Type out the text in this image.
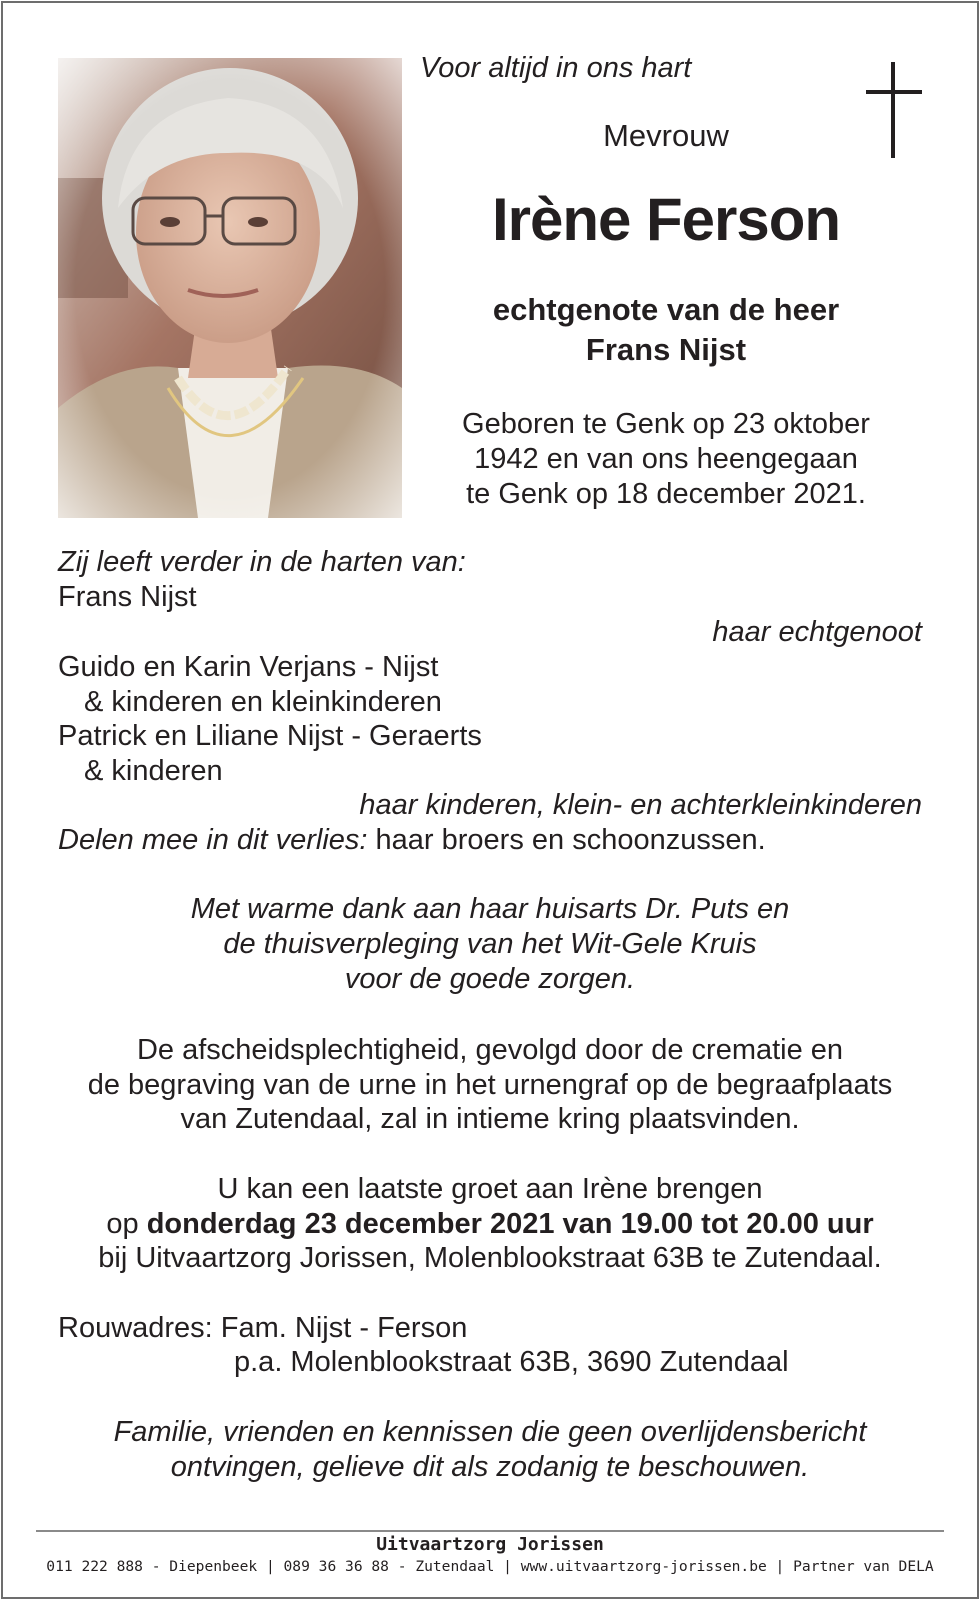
Voor altijd in ons hart
Mevrouw
Irène Ferson
echtgenote van de heer
Frans Nijst
Geboren te Genk op 23 oktober
1942 en van ons heengegaan
te Genk op 18 december 2021.
Zij leeft verder in de harten van:
Frans Nijst
haar echtgenoot
Guido en Karin Verjans - Nijst
& kinderen en kleinkinderen
Patrick en Liliane Nijst - Geraerts
& kinderen
haar kinderen, klein- en achterkleinkinderen
Delen mee in dit verlies: haar broers en schoonzussen.
Met warme dank aan haar huisarts Dr. Puts en
de thuisverpleging van het Wit-Gele Kruis
voor de goede zorgen.
De afscheidsplechtigheid, gevolgd door de crematie en
de begraving van de urne in het urnengraf op de begraafplaats
van Zutendaal, zal in intieme kring plaatsvinden.
U kan een laatste groet aan Irène brengen
op donderdag 23 december 2021 van 19.00 tot 20.00 uur
bij Uitvaartzorg Jorissen, Molenblookstraat 63B te Zutendaal.
Rouwadres: Fam. Nijst - Ferson
p.a. Molenblookstraat 63B, 3690 Zutendaal
Familie, vrienden en kennissen die geen overlijdensbericht
ontvingen, gelieve dit als zodanig te beschouwen.
Uitvaartzorg Jorissen
011 222 888 - Diepenbeek | 089 36 36 88 - Zutendaal | www.uitvaartzorg-jorissen.be | Partner van DELA
